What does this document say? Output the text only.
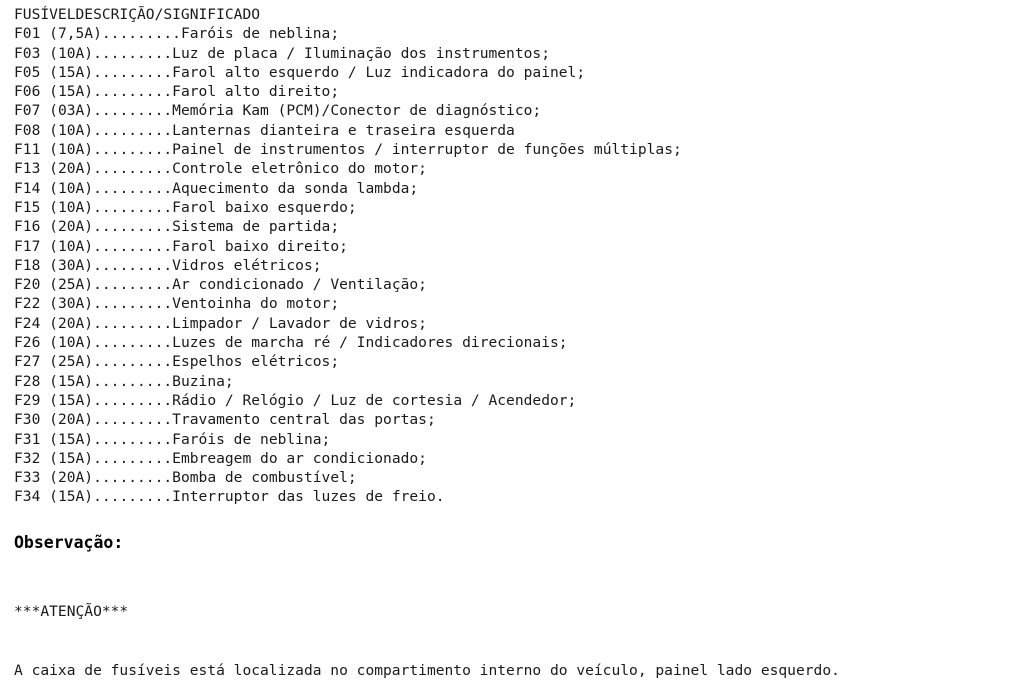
FUSÍVELDESCRIÇÃO/SIGNIFICADO
F01 (7,5A).........Faróis de neblina;
F03 (10A).........Luz de placa / Iluminação dos instrumentos;
F05 (15A).........Farol alto esquerdo / Luz indicadora do painel;
F06 (15A).........Farol alto direito;
F07 (03A).........Memória Kam (PCM)/Conector de diagnóstico;
F08 (10A).........Lanternas dianteira e traseira esquerda
F11 (10A).........Painel de instrumentos / interruptor de funções múltiplas;
F13 (20A).........Controle eletrônico do motor;
F14 (10A).........Aquecimento da sonda lambda;
F15 (10A).........Farol baixo esquerdo;
F16 (20A).........Sistema de partida;
F17 (10A).........Farol baixo direito;
F18 (30A).........Vidros elétricos;
F20 (25A).........Ar condicionado / Ventilação;
F22 (30A).........Ventoinha do motor;
F24 (20A).........Limpador / Lavador de vidros;
F26 (10A).........Luzes de marcha ré / Indicadores direcionais;
F27 (25A).........Espelhos elétricos;
F28 (15A).........Buzina;
F29 (15A).........Rádio / Relógio / Luz de cortesia / Acendedor;
F30 (20A).........Travamento central das portas;
F31 (15A).........Faróis de neblina;
F32 (15A).........Embreagem do ar condicionado;
F33 (20A).........Bomba de combustível;
F34 (15A).........Interruptor das luzes de freio.
Observação:

***ATENÇÃO***

A caixa de fusíveis está localizada no compartimento interno do veículo, painel lado esquerdo.
